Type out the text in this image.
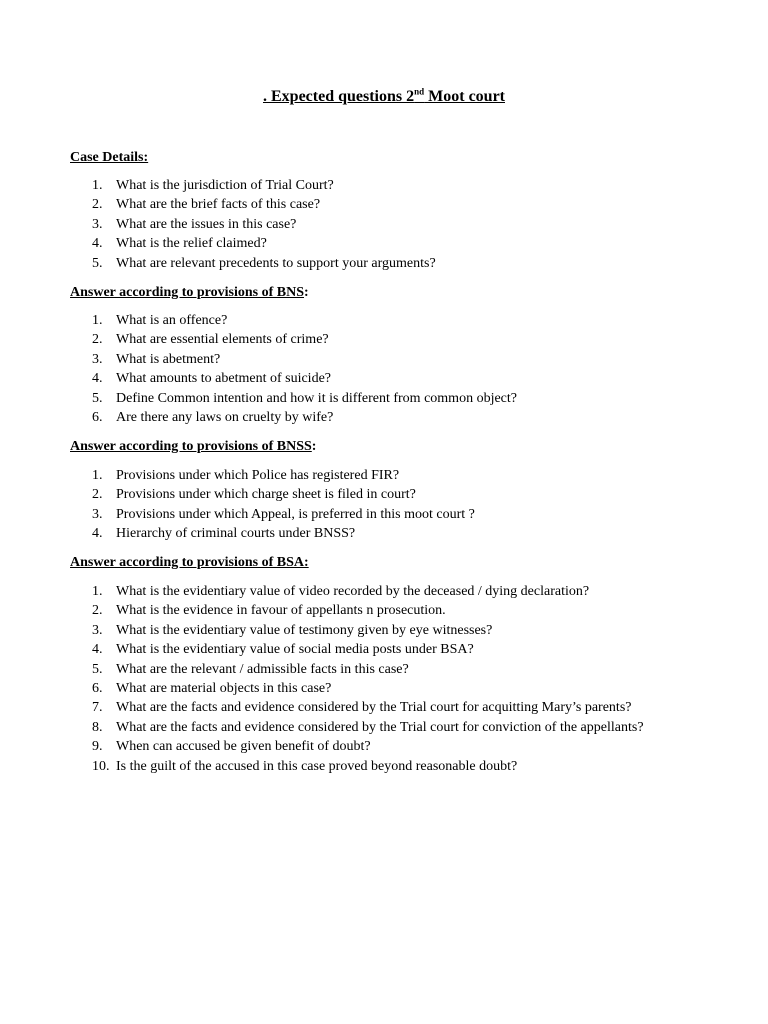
. Expected questions 2nd Moot court
Case Details:
1. What is the jurisdiction of Trial Court?
2. What are the brief facts of this case?
3. What are the issues in this case?
4. What is the relief claimed?
5. What are relevant precedents to support your arguments?
Answer according to provisions of BNS:
1. What is an offence?
2. What are essential elements of crime?
3. What is abetment?
4. What amounts to abetment of suicide?
5. Define Common intention and how it is different from common object?
6. Are there any laws on cruelty by wife?
Answer according to provisions of BNSS:
1. Provisions under which Police has registered FIR?
2. Provisions under which charge sheet is filed in court?
3. Provisions under which Appeal, is preferred in this moot court ?
4. Hierarchy of criminal courts under BNSS?
Answer according to provisions of BSA:
1. What is the evidentiary value of video recorded by the deceased / dying declaration?
2. What is the evidence in favour of appellants n prosecution.
3. What is the evidentiary value of testimony given by eye witnesses?
4. What is the evidentiary value of social media posts under BSA?
5. What are the relevant / admissible facts in this case?
6. What are material objects in this case?
7. What are the facts and evidence considered by the Trial court for acquitting Mary’s parents?
8. What are the facts and evidence considered by the Trial court for conviction of the appellants?
9. When can accused be given benefit of doubt?
10. Is the guilt of the accused in this case proved beyond reasonable doubt?
